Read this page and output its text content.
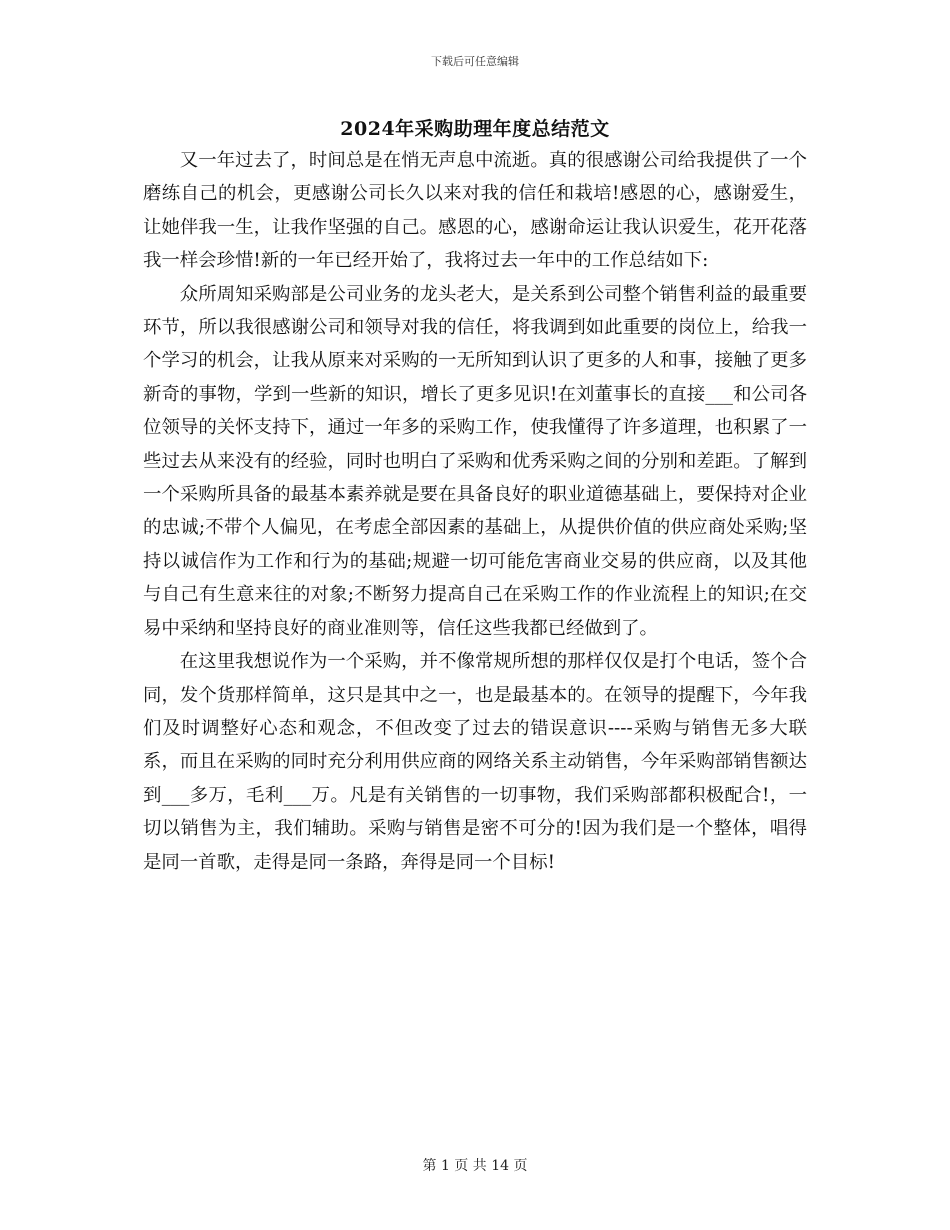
下载后可任意编辑
2024年采购助理年度总结范文

又一年过去了，时间总是在悄无声息中流逝。真的很感谢公司给我提供了一个磨练自己的机会，更感谢公司长久以来对我的信任和栽培!感恩的心，感谢爱生，让她伴我一生，让我作坚强的自己。感恩的心，感谢命运让我认识爱生，花开花落我一样会珍惜!新的一年已经开始了，我将过去一年中的工作总结如下:

众所周知采购部是公司业务的龙头老大，是关系到公司整个销售利益的最重要环节，所以我很感谢公司和领导对我的信任，将我调到如此重要的岗位上，给我一个学习的机会，让我从原来对采购的一无所知到认识了更多的人和事，接触了更多新奇的事物，学到一些新的知识，增长了更多见识!在刘董事长的直接___和公司各位领导的关怀支持下，通过一年多的采购工作，使我懂得了许多道理，也积累了一些过去从来没有的经验，同时也明白了采购和优秀采购之间的分别和差距。了解到一个采购所具备的最基本素养就是要在具备良好的职业道德基础上，要保持对企业的忠诚;不带个人偏见，在考虑全部因素的基础上，从提供价值的供应商处采购;坚持以诚信作为工作和行为的基础;规避一切可能危害商业交易的供应商，以及其他与自己有生意来往的对象;不断努力提高自己在采购工作的作业流程上的知识;在交易中采纳和坚持良好的商业准则等，信任这些我都已经做到了。

在这里我想说作为一个采购，并不像常规所想的那样仅仅是打个电话，签个合同，发个货那样简单，这只是其中之一，也是最基本的。在领导的提醒下，今年我们及时调整好心态和观念，不但改变了过去的错误意识----采购与销售无多大联系，而且在采购的同时充分利用供应商的网络关系主动销售，今年采购部销售额达到___多万，毛利___万。凡是有关销售的一切事物，我们采购部都积极配合!，一切以销售为主，我们辅助。采购与销售是密不可分的!因为我们是一个整体，唱得是同一首歌，走得是同一条路，奔得是同一个目标!

第 1 页 共 14 页
